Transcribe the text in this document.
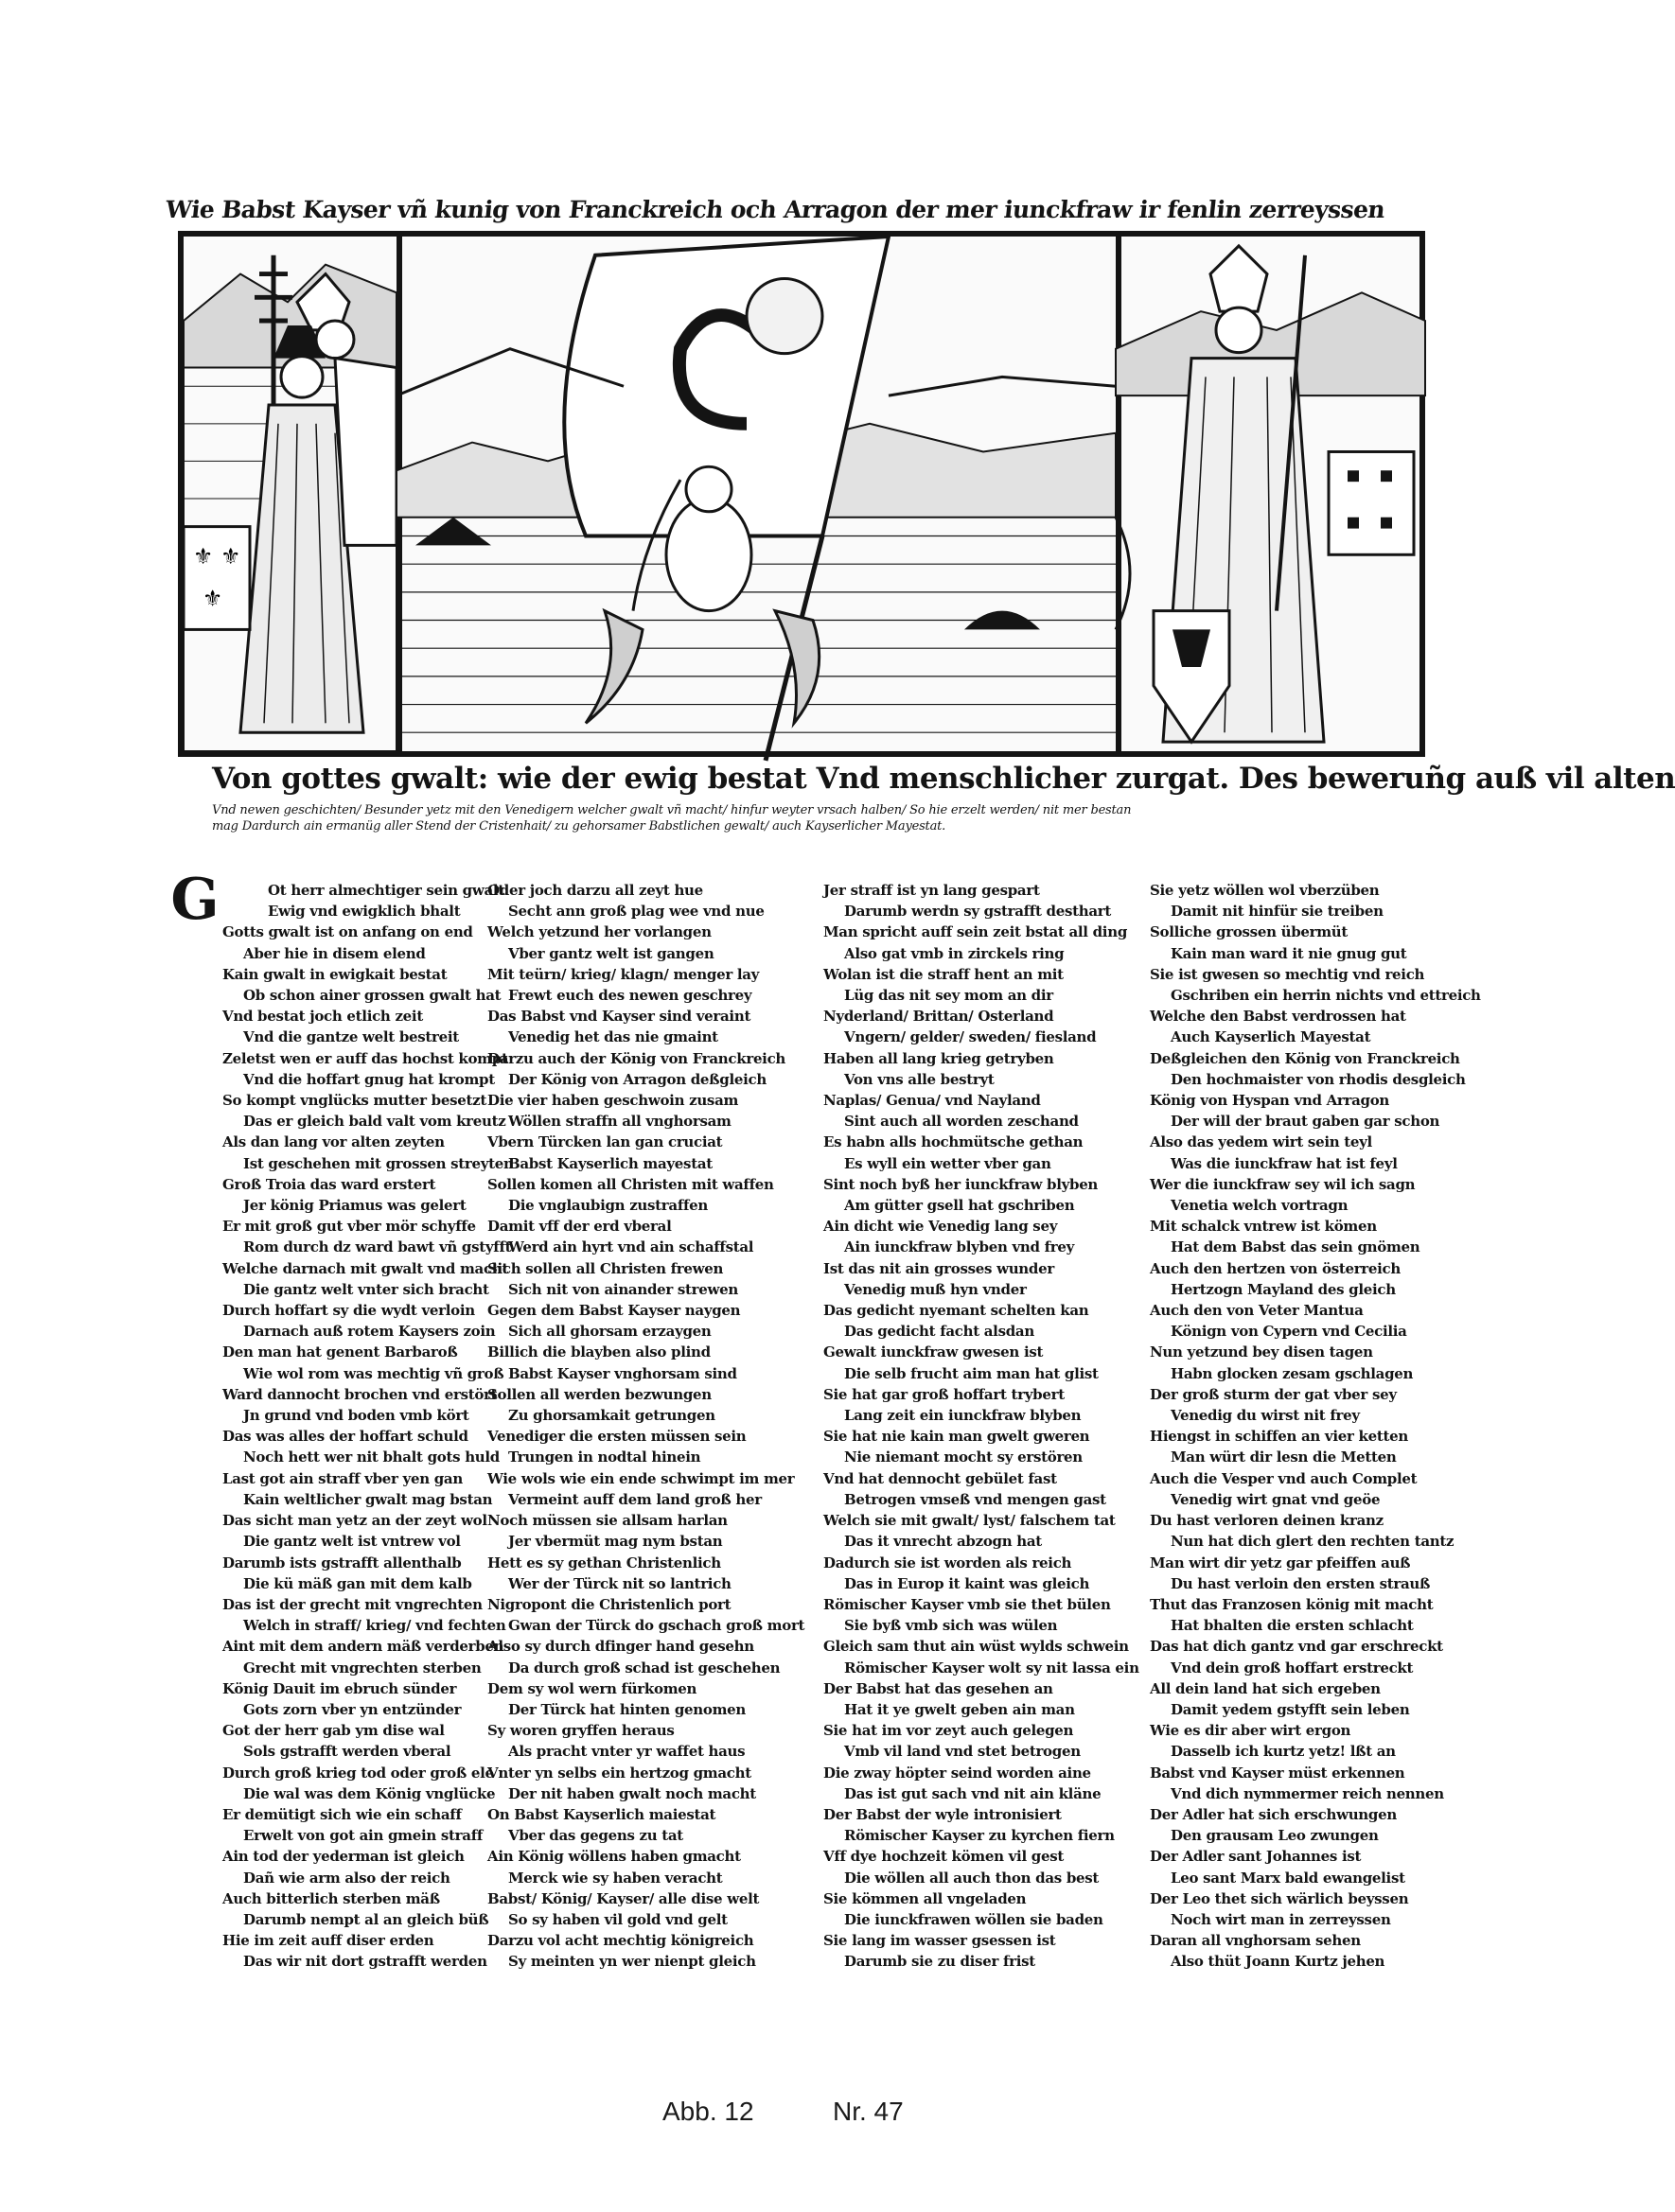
Wie Babst Kayser vñ kunig von Franckreich och Arragon der mer iunckfraw ir fenlin zerreyssen
⚜ ⚜
⚜
Von gottes gwalt: wie der ewig bestat Vnd menschlicher zurgat. Des beweruñg auß vil alten
Vnd newen geschichten/ Besunder yetz mit den Venedigern welcher gwalt vñ macht/ hinfur weyter vrsach halben/ So hie erzelt werden/ nit mer bestan
mag Dardurch ain ermanüg aller Stend der Cristenhait/ zu gehorsamer Babstlichen gewalt/ auch Kayserlicher Mayestat.
G	Ot herr almechtiger sein gwalt
Ewig vnd ewigklich bhalt
Gotts gwalt ist on anfang on end
Aber hie in disem elend
Kain gwalt in ewigkait bestat
Ob schon ainer grossen gwalt hat
Vnd bestat joch etlich zeit
Vnd die gantze welt bestreit
Zeletst wen er auff das hochst kompt
Vnd die hoffart gnug hat krompt
So kompt vnglücks mutter besetzt
Das er gleich bald valt vom kreutz
Als dan lang vor alten zeyten
Ist geschehen mit grossen streyten
Groß Troia das ward erstert
Jer könig Priamus was gelert
Er mit groß gut vber mör schyffe
Rom durch dz ward bawt vñ gstyfft
Welche darnach mit gwalt vnd macht
Die gantz welt vnter sich bracht
Durch hoffart sy die wydt verloin
Darnach auß rotem Kaysers zoin
Den man hat genent Barbaroß
Wie wol rom was mechtig vñ groß
Ward dannocht brochen vnd erstört
Jn grund vnd boden vmb kört
Das was alles der hoffart schuld
Noch hett wer nit bhalt gots huld
Last got ain straff vber yen gan
Kain weltlicher gwalt mag bstan
Das sicht man yetz an der zeyt wol
Die gantz welt ist vntrew vol
Darumb ists gstrafft allenthalb
Die kü mäß gan mit dem kalb
Das ist der grecht mit vngrechten
Welch in straff/ krieg/ vnd fechten
Aint mit dem andern mäß verderben
Grecht mit vngrechten sterben
König Dauit im ebruch sünder
Gots zorn vber yn entzünder
Got der herr gab ym dise wal
Sols gstrafft werden vberal
Durch groß krieg tod oder groß ele
Die wal was dem König vnglücke
Er demütigt sich wie ein schaff
Erwelt von got ain gmein straff
Ain tod der yederman ist gleich
Dañ wie arm also der reich
Auch bitterlich sterben mäß
Darumb nempt al an gleich büß
Hie im zeit auff diser erden
Das wir nit dort gstrafft werden
Oder joch darzu all zeyt hue
Secht ann groß plag wee vnd nue
Welch yetzund her vorlangen
Vber gantz welt ist gangen
Mit teürn/ krieg/ klagn/ menger lay
Frewt euch des newen geschrey
Das Babst vnd Kayser sind veraint
Venedig het das nie gmaint
Darzu auch der König von Franckreich
Der König von Arragon deßgleich
Die vier haben geschwoin zusam
Wöllen straffn all vnghorsam
Vbern Türcken lan gan cruciat
Babst Kayserlich mayestat
Sollen komen all Christen mit waffen
Die vnglaubign zustraffen
Damit vff der erd vberal
Werd ain hyrt vnd ain schaffstal
Sich sollen all Christen frewen
Sich nit von ainander strewen
Gegen dem Babst Kayser naygen
Sich all ghorsam erzaygen
Billich die blayben also plind
Babst Kayser vnghorsam sind
Sollen all werden bezwungen
Zu ghorsamkait getrungen
Venediger die ersten müssen sein
Trungen in nodtal hinein
Wie wols wie ein ende schwimpt im mer
Vermeint auff dem land groß her
Noch müssen sie allsam harlan
Jer vbermüt mag nym bstan
Hett es sy gethan Christenlich
Wer der Türck nit so lantrich
Nigropont die Christenlich port
Gwan der Türck do gschach groß mort
Also sy durch dfinger hand gesehn
Da durch groß schad ist geschehen
Dem sy wol wern fürkomen
Der Türck hat hinten genomen
Sy woren gryffen heraus
Als pracht vnter yr waffet haus
Vnter yn selbs ein hertzog gmacht
Der nit haben gwalt noch macht
On Babst Kayserlich maiestat
Vber das gegens zu tat
Ain König wöllens haben gmacht
Merck wie sy haben veracht
Babst/ König/ Kayser/ alle dise welt
So sy haben vil gold vnd gelt
Darzu vol acht mechtig königreich
Sy meinten yn wer nienpt gleich
Jer straff ist yn lang gespart
Darumb werdn sy gstrafft desthart
Man spricht auff sein zeit bstat all ding
Also gat vmb in zirckels ring
Wolan ist die straff hent an mit
Lüg das nit sey mom an dir
Nyderland/ Brittan/ Osterland
Vngern/ gelder/ sweden/ fiesland
Haben all lang krieg getryben
Von vns alle bestryt
Naplas/ Genua/ vnd Nayland
Sint auch all worden zeschand
Es habn alls hochmütsche gethan
Es wyll ein wetter vber gan
Sint noch byß her iunckfraw blyben
Am gütter gsell hat gschriben
Ain dicht wie Venedig lang sey
Ain iunckfraw blyben vnd frey
Ist das nit ain grosses wunder
Venedig muß hyn vnder
Das gedicht nyemant schelten kan
Das gedicht facht alsdan
Gewalt iunckfraw gwesen ist
Die selb frucht aim man hat glist
Sie hat gar groß hoffart trybert
Lang zeit ein iunckfraw blyben
Sie hat nie kain man gwelt gweren
Nie niemant mocht sy erstören
Vnd hat dennocht gebület fast
Betrogen vmseß vnd mengen gast
Welch sie mit gwalt/ lyst/ falschem tat
Das it vnrecht abzogn hat
Dadurch sie ist worden als reich
Das in Europ it kaint was gleich
Römischer Kayser vmb sie thet bülen
Sie byß vmb sich was wülen
Gleich sam thut ain wüst wylds schwein
Römischer Kayser wolt sy nit lassa ein
Der Babst hat das gesehen an
Hat it ye gwelt geben ain man
Sie hat im vor zeyt auch gelegen
Vmb vil land vnd stet betrogen
Die zway höpter seind worden aine
Das ist gut sach vnd nit ain kläne
Der Babst der wyle intronisiert
Römischer Kayser zu kyrchen fiern
Vff dye hochzeit kömen vil gest
Die wöllen all auch thon das best
Sie kömmen all vngeladen
Die iunckfrawen wöllen sie baden
Sie lang im wasser gsessen ist
Darumb sie zu diser frist
Sie yetz wöllen wol vberzüben
Damit nit hinfür sie treiben
Solliche grossen übermüt
Kain man ward it nie gnug gut
Sie ist gwesen so mechtig vnd reich
Gschriben ein herrin nichts vnd ettreich
Welche den Babst verdrossen hat
Auch Kayserlich Mayestat
Deßgleichen den König von Franckreich
Den hochmaister von rhodis desgleich
König von Hyspan vnd Arragon
Der will der braut gaben gar schon
Also das yedem wirt sein teyl
Was die iunckfraw hat ist feyl
Wer die iunckfraw sey wil ich sagn
Venetia welch vortragn
Mit schalck vntrew ist kömen
Hat dem Babst das sein gnömen
Auch den hertzen von österreich
Hertzogn Mayland des gleich
Auch den von Veter Mantua
Könign von Cypern vnd Cecilia
Nun yetzund bey disen tagen
Habn glocken zesam gschlagen
Der groß sturm der gat vber sey
Venedig du wirst nit frey
Hiengst in schiffen an vier ketten
Man würt dir lesn die Metten
Auch die Vesper vnd auch Complet
Venedig wirt gnat vnd geöe
Du hast verloren deinen kranz
Nun hat dich glert den rechten tantz
Man wirt dir yetz gar pfeiffen auß
Du hast verloin den ersten strauß
Thut das Franzosen könig mit macht
Hat bhalten die ersten schlacht
Das hat dich gantz vnd gar erschreckt
Vnd dein groß hoffart erstreckt
All dein land hat sich ergeben
Damit yedem gstyfft sein leben
Wie es dir aber wirt ergon
Dasselb ich kurtz yetz! lßt an
Babst vnd Kayser müst erkennen
Vnd dich nymmermer reich nennen
Der Adler hat sich erschwungen
Den grausam Leo zwungen
Der Adler sant Johannes ist
Leo sant Marx bald ewangelist
Der Leo thet sich wärlich beyssen
Noch wirt man in zerreyssen
Daran all vnghorsam sehen
Also thüt Joann Kurtz jehen
Abb. 12	Nr. 47
